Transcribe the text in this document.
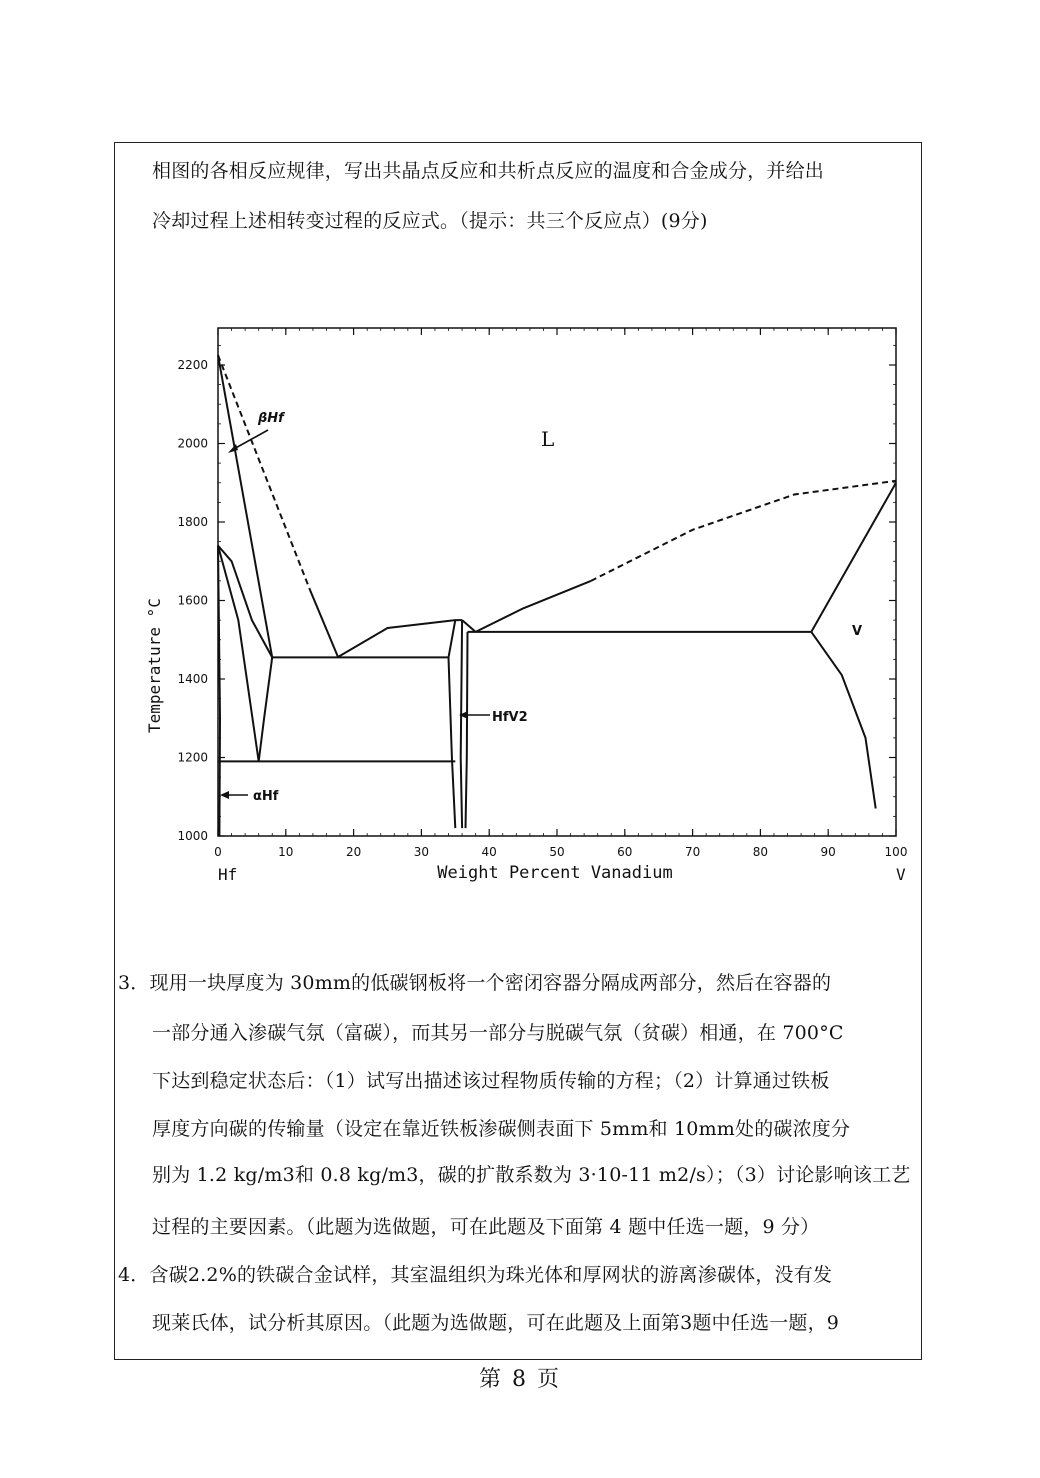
相图的各相反应规律，写出共晶点反应和共析点反应的温度和合金成分，并给出
冷却过程上述相转变过程的反应式。（提示：共三个反应点）(9分)
0	10	20	30	40	50	60	70	80	90	100
1000
1200
1400
1600
1800
2000
2200
Temperature °C
Weight Percent Vanadium
Hf	V
L
V
βHf
HfV2
αHf
3．现用一块厚度为 30mm的低碳钢板将一个密闭容器分隔成两部分，然后在容器的
一部分通入渗碳气氛（富碳），而其另一部分与脱碳气氛（贫碳）相通，在 700°C
下达到稳定状态后：（1）试写出描述该过程物质传输的方程；（2）计算通过铁板
厚度方向碳的传输量（设定在靠近铁板渗碳侧表面下 5mm和 10mm处的碳浓度分
别为 1.2 kg/m3和 0.8 kg/m3，碳的扩散系数为 3·10-11 m2/s）；（3）讨论影响该工艺
过程的主要因素。（此题为选做题，可在此题及下面第 4 题中任选一题，9 分）
4．含碳2.2%的铁碳合金试样，其室温组织为珠光体和厚网状的游离渗碳体，没有发
现莱氏体，试分析其原因。（此题为选做题，可在此题及上面第3题中任选一题，9
第 8 页
